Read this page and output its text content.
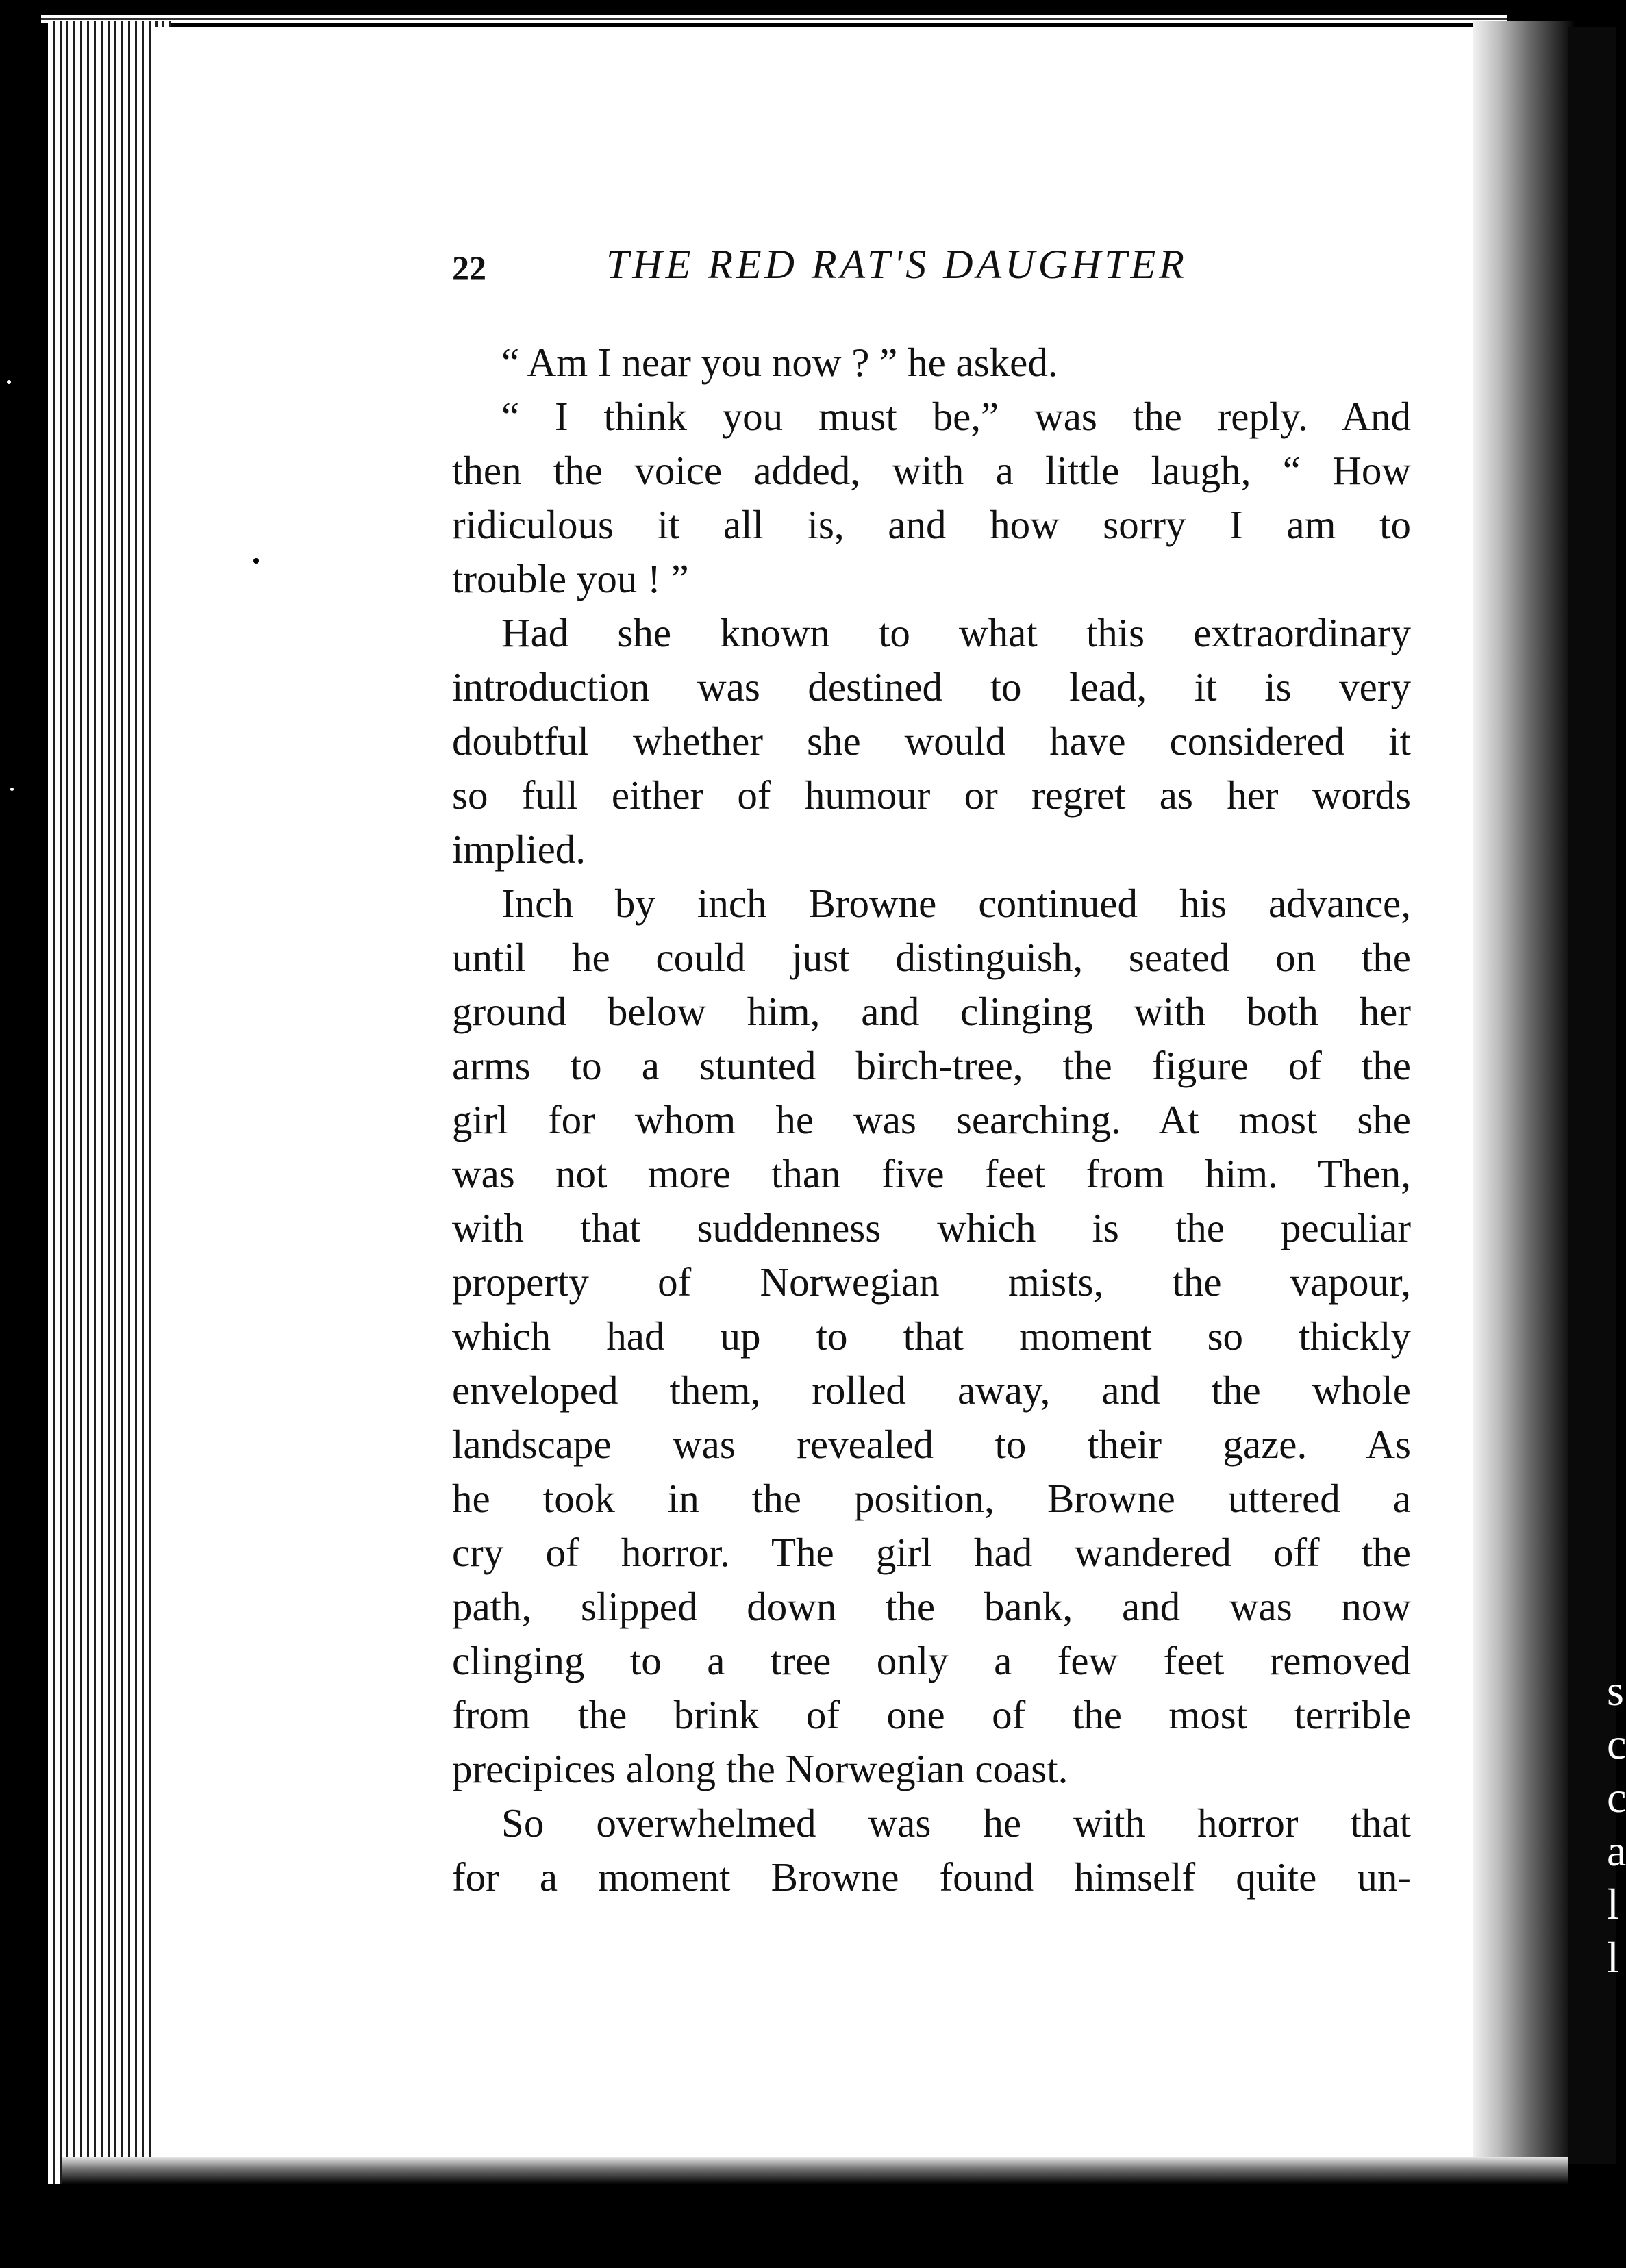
s
c
c
a
l
l
22	THE RED RAT'S DAUGHTER
“ Am I near you now ? ” he asked.
“ I think you must be,” was the reply. And
then the voice added, with a little laugh, “ How
ridiculous it all is, and how sorry I am to
trouble you ! ”
Had she known to what this extraordinary
introduction was destined to lead, it is very
doubtful whether she would have considered it
so full either of humour or regret as her words
implied.
Inch by inch Browne continued his advance,
until he could just distinguish, seated on the
ground below him, and clinging with both her
arms to a stunted birch-tree, the figure of the
girl for whom he was searching. At most she
was not more than five feet from him. Then,
with that suddenness which is the peculiar
property of Norwegian mists, the vapour,
which had up to that moment so thickly
enveloped them, rolled away, and the whole
landscape was revealed to their gaze. As
he took in the position, Browne uttered a
cry of horror. The girl had wandered off the
path, slipped down the bank, and was now
clinging to a tree only a few feet removed
from the brink of one of the most terrible
precipices along the Norwegian coast.
So overwhelmed was he with horror that
for a moment Browne found himself quite un-
